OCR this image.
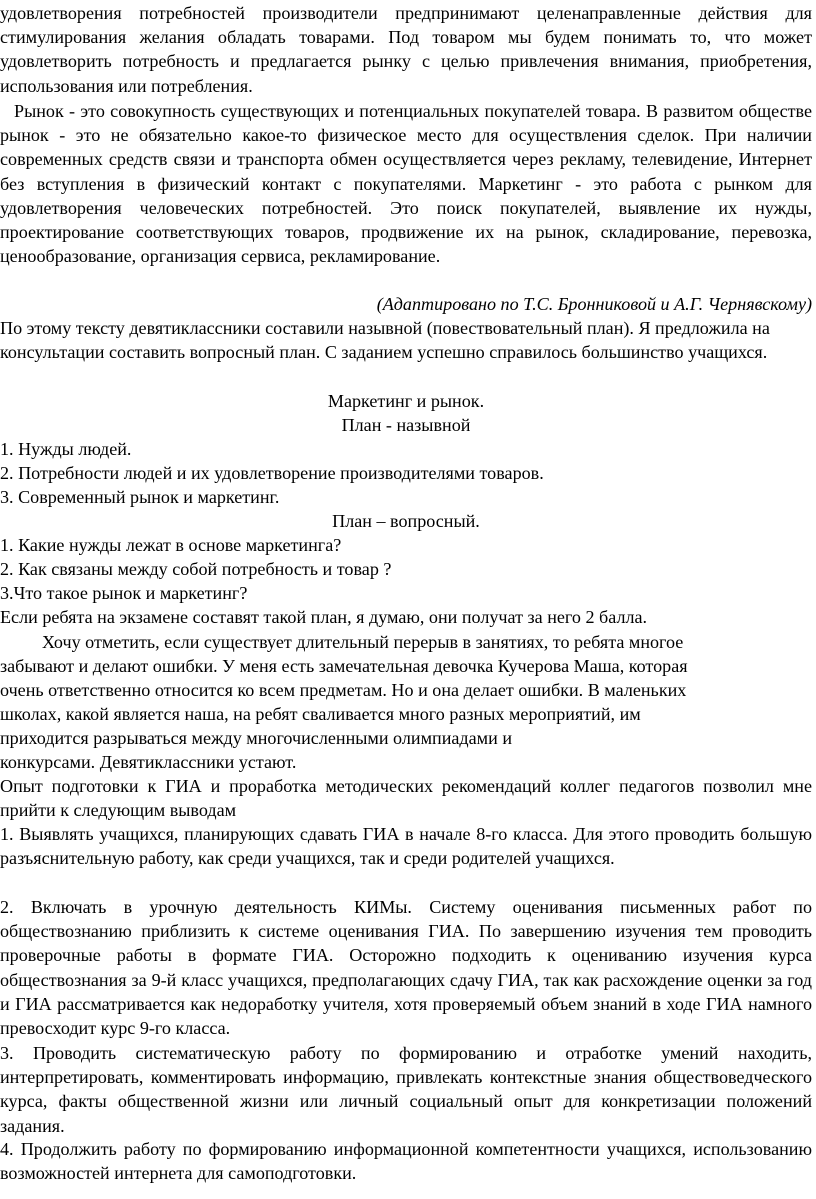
удовлетворения потребностей производители предпринимают целенаправленные действия для стимулирования желания обладать товарами. Под товаром мы будем понимать то, что может удовлетворить потребность и предлагается рынку с целью привлечения внимания, приобретения, использования или потребления.

Рынок - это совокупность существующих и потенциальных покупателей товара. В развитом обществе рынок - это не обязательно какое-то физическое место для осуществления сделок. При наличии современных средств связи и транспорта обмен осуществляется через рекламу, телевидение, Интернет без вступления в физический контакт с покупателями. Маркетинг - это работа с рынком для удовлетворения человеческих потребностей. Это поиск покупателей, выявление их нужды, проектирование соответствующих товаров, продвижение их на рынок, складирование, перевозка, ценообразование, организация сервиса, рекламирование.

(Адаптировано по Т.С. Бронниковой и А.Г. Чернявскому)

По этому тексту девятиклассники составили назывной (повествовательный план). Я предложила на консультации составить вопросный план. С заданием успешно справилось большинство учащихся.

Маркетинг и рынок.

План - назывной

1. Нужды людей.

2. Потребности людей и их удовлетворение производителями товаров.

3. Современный рынок и маркетинг.

План – вопросный.

1. Какие нужды лежат в основе маркетинга?

2. Как связаны между собой потребность и товар ?

3.Что такое рынок и маркетинг?

Если ребята на экзамене составят такой план, я думаю, они получат за него 2 балла.

Хочу отметить, если существует длительный перерыв в занятиях, то ребята многое

забывают и делают ошибки. У меня есть замечательная девочка Кучерова Маша, которая

очень ответственно относится ко всем предметам. Но и она делает ошибки. В маленьких

школах, какой является наша, на ребят сваливается много разных мероприятий, им

приходится разрываться между многочисленными олимпиадами и

конкурсами. Девятиклассники устают.

Опыт подготовки к ГИА и проработка методических рекомендаций коллег педагогов позволил мне прийти к следующим выводам

1. Выявлять учащихся, планирующих сдавать ГИА в начале 8-го класса. Для этого проводить большую разъяснительную работу, как среди учащихся, так и среди родителей учащихся.

2. Включать в урочную деятельность КИМы. Систему оценивания письменных работ по обществознанию приблизить к системе оценивания ГИА. По завершению изучения тем проводить проверочные работы в формате ГИА. Осторожно подходить к оцениванию изучения курса обществознания за 9-й класс учащихся, предполагающих сдачу ГИА, так как расхождение оценки за год и ГИА рассматривается как недоработку учителя, хотя проверяемый объем знаний в ходе ГИА намного превосходит курс 9-го класса.

3. Проводить систематическую работу по формированию и отработке умений находить, интерпретировать, комментировать информацию, привлекать контекстные знания обществоведческого курса, факты общественной жизни или личный социальный опыт для конкретизации положений задания.

4. Продолжить работу по формированию информационной компетентности учащихся, использованию возможностей интернета для самоподготовки.
